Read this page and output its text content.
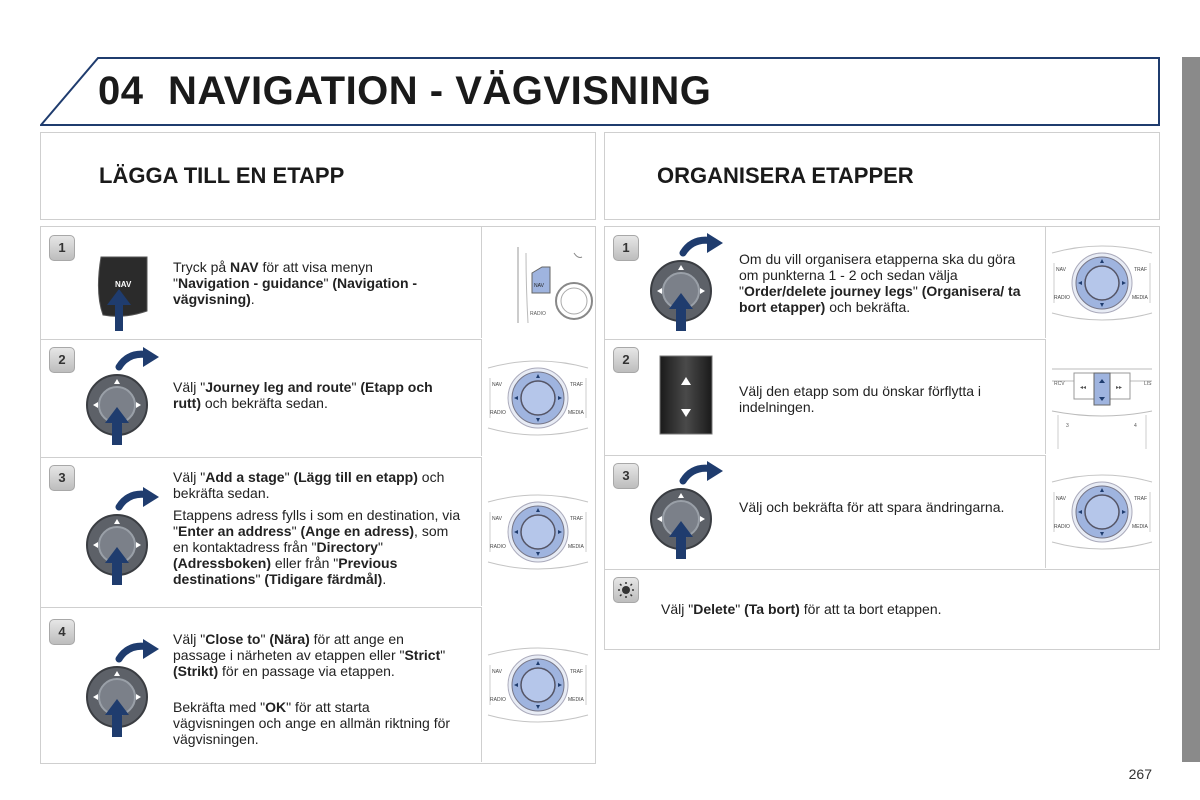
04 NAVIGATION - VÄGVISNING
LÄGGA TILL EN ETAPP	ORGANISERA ETAPPER
1
NAV
Tryck på NAV för att visa menyn "Navigation - guidance" (Navigation - vägvisning).
NAV
RADIO
2
Välj "Journey leg and route" (Etapp och rutt) och bekräfta sedan.
NAV	TRAF
RADIO	MEDIA
3	Välj "Add a stage" (Lägg till en etapp) och bekräfta sedan.
Etappens adress fylls i som en destination, via "Enter an address" (Ange en adress), som en kontaktadress från "Directory" (Adressboken) eller från "Previous destinations" (Tidigare färdmål).
NAV	TRAF
RADIO	MEDIA
4	Välj "Close to" (Nära) för att ange en passage i närheten av etappen eller "Strict" (Strikt) för en passage via etappen.
Bekräfta med "OK" för att starta vägvisningen och ange en allmän riktning för vägvisningen.
NAV	TRAF
RADIO	MEDIA
1
Om du vill organisera etapperna ska du göra om punkterna 1 - 2 och sedan välja "Order/delete journey legs" (Organisera/ ta bort etapper) och bekräfta.
NAV	TRAF
RADIO	MEDIA
2
Välj den etapp som du önskar förflytta i indelningen.
◂◂	▸▸
RCV	LIS
3	4
3
Välj och bekräfta för att spara ändringarna.	NAV	TRAF
RADIO	MEDIA
Välj "Delete" (Ta bort) för att ta bort etappen.
267
